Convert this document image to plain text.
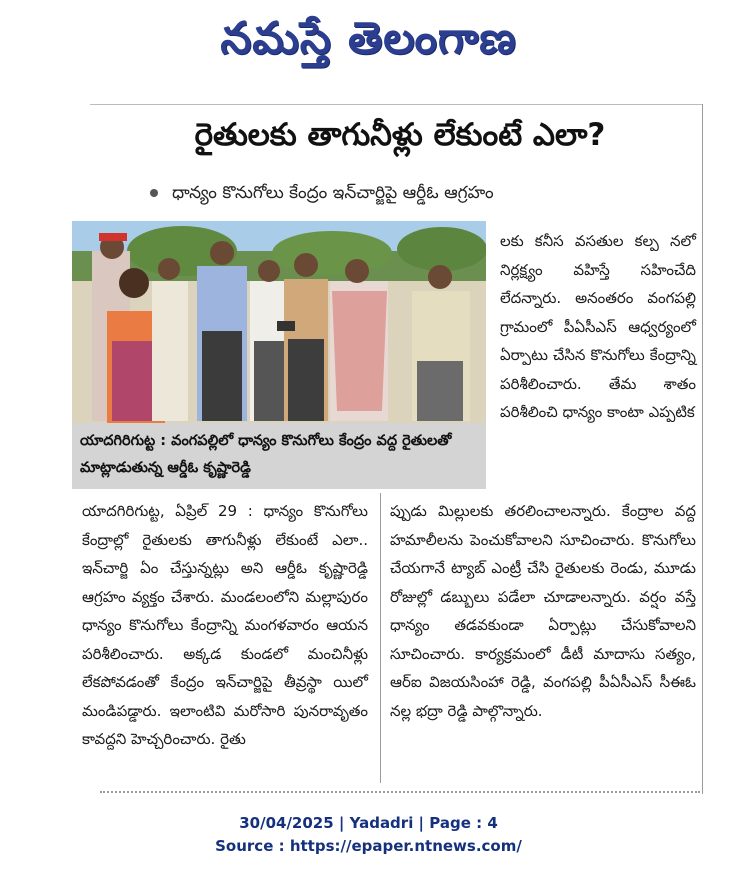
నమస్తే తెలంగాణ
రైతులకు తాగునీళ్లు లేకుంటే ఎలా?
ధాన్యం కొనుగోలు కేంద్రం ఇన్‌చార్జిపై ఆర్డీఓ ఆగ్రహం
యాదగిరిగుట్ట : వంగపల్లిలో ధాన్యం కొనుగోలు కేంద్రం వద్ద రైతులతో మాట్లాడుతున్న ఆర్డీఓ కృష్ణారెడ్డి
లకు కనీస వసతుల కల్ప నలో నిర్లక్ష్యం వహిస్తే సహించేది లేదన్నారు. అనంతరం వంగపల్లి గ్రామంలో పీఏసీఎస్ ఆధ్వర్యంలో ఏర్పాటు చేసిన కొనుగోలు కేంద్రాన్ని పరిశీలించారు. తేమ శాతం పరిశీలించి ధాన్యం కాంటా ఎప్పటిక
యాదగిరిగుట్ట, ఏప్రిల్ 29 : ధాన్యం కొనుగోలు కేంద్రాల్లో రైతులకు తాగునీళ్లు లేకుంటే ఎలా.. ఇన్‌చార్జి ఏం చేస్తున్నట్లు అని ఆర్డీఓ కృష్ణారెడ్డి ఆగ్రహం వ్యక్తం చేశారు. మండలంలోని మల్లాపురం ధాన్యం కొనుగోలు కేంద్రాన్ని మంగళవారం ఆయన పరిశీలించారు. అక్కడ కుండలో మంచినీళ్లు లేకపోవడంతో కేంద్రం ఇన్‌చార్జిపై తీవ్రస్థా యిలో మండిపడ్డారు. ఇలాంటివి మరోసారి పునరావృతం కావద్దని హెచ్చరించారు. రైతు
ప్పుడు మిల్లులకు తరలించాలన్నారు. కేంద్రాల వద్ద హమాలీలను పెంచుకోవాలని సూచించారు. కొనుగోలు చేయగానే ట్యాబ్ ఎంట్రీ చేసి రైతులకు రెండు, మూడు రోజుల్లో డబ్బులు పడేలా చూడాలన్నారు. వర్షం వస్తే ధాన్యం తడవకుండా ఏర్పాట్లు చేసుకోవాలని సూచించారు. కార్యక్రమంలో డీటీ మాదాసు సత్యం, ఆర్ఐ విజయసింహా రెడ్డి, వంగపల్లి పీఏసీఎస్ సీఈఓ నల్ల భద్రా రెడ్డి పాల్గొన్నారు.
30/04/2025 | Yadadri | Page : 4
Source : https://epaper.ntnews.com/
